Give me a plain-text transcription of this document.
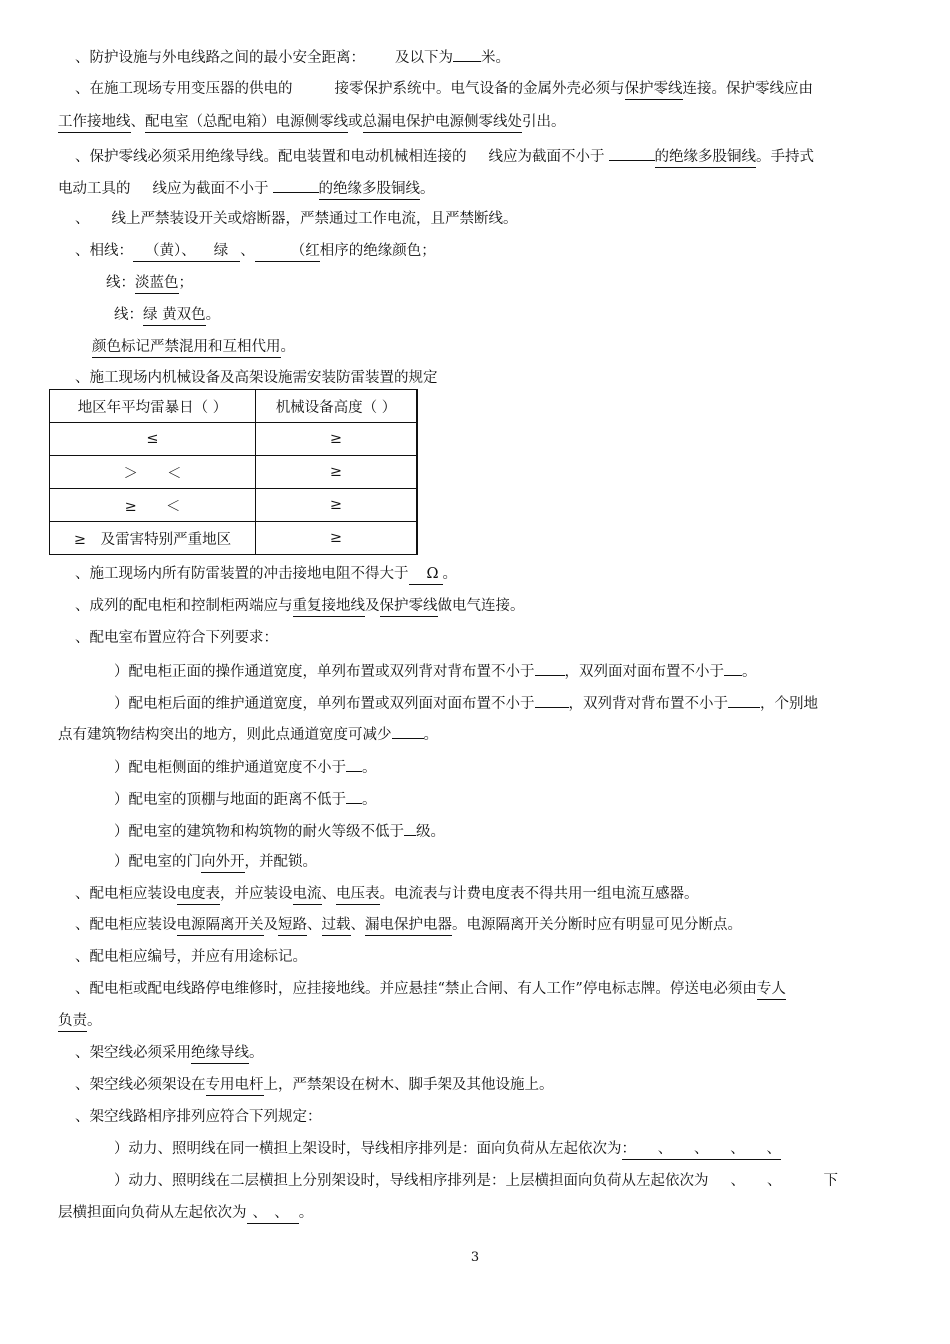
、防护设施与外电线路之间的最小安全距离： 及以下为 米。
、在施工现场专用变压器的供电的	接零保护系统中。电气设备的金属外壳必须与保护零线连接。保护零线应由
工作接地线、配电室（总配电箱）电源侧零线或总漏电保护电源侧零线处引出。
、保护零线必须采用绝缘导线。配电装置和电动机械相连接的 线应为截面不小于	的绝缘多股铜线。手持式
电动工具的 线应为截面不小于	的绝缘多股铜线。
、 线上严禁装设开关或熔断器，严禁通过工作电流，且严禁断线。
、相线： （黄）、 绿 、 （红相序的绝缘颜色；
线：淡蓝色；
线：绿 黄双色。
颜色标记严禁混用和互相代用。
、施工现场内机械设备及高架设施需安装防雷装置的规定
地区年平均雷暴日（ ）	机械设备高度（ ）
≤	≥
＞　　＜	≥
≥　　＜	≥
≥　及雷害特别严重地区	≥
、施工现场内所有防雷装置的冲击接地电阻不得大于 Ω 。
、成列的配电柜和控制柜两端应与重复接地线及保护零线做电气连接。
、配电室布置应符合下列要求：
）配电柜正面的操作通道宽度，单列布置或双列背对背布置不小于 ，双列面对面布置不小于 。
）配电柜后面的维护通道宽度，单列布置或双列面对面布置不小于 ，双列背对背布置不小于 ，个别地
点有建筑物结构突出的地方，则此点通道宽度可减少 。
）配电柜侧面的维护通道宽度不小于 。
）配电室的顶棚与地面的距离不低于 。
）配电室的建筑物和构筑物的耐火等级不低于 级。
）配电室的门向外开，并配锁。
、配电柜应装设电度表，并应装设电流、电压表。电流表与计费电度表不得共用一组电流互感器。
、配电柜应装设电源隔离开关及短路、过载、漏电保护电器。电源隔离开关分断时应有明显可见分断点。
、配电柜应编号，并应有用途标记。
、配电柜或配电线路停电维修时，应挂接地线。并应悬挂“禁止合闸、有人工作”停电标志牌。停送电必须由专人
负责。
、架空线必须采用绝缘导线。
、架空线必须架设在专用电杆上，严禁架设在树木、脚手架及其他设施上。
、架空线路相序排列应符合下列规定：
）动力、照明线在同一横担上架设时，导线相序排列是：面向负荷从左起依次为：　　、　　、　　、　　、
）动力、照明线在二层横担上分别架设时，导线相序排列是：上层横担面向负荷从左起依次为 、 、	下
层横担面向负荷从左起依次为 、　、 。
3
